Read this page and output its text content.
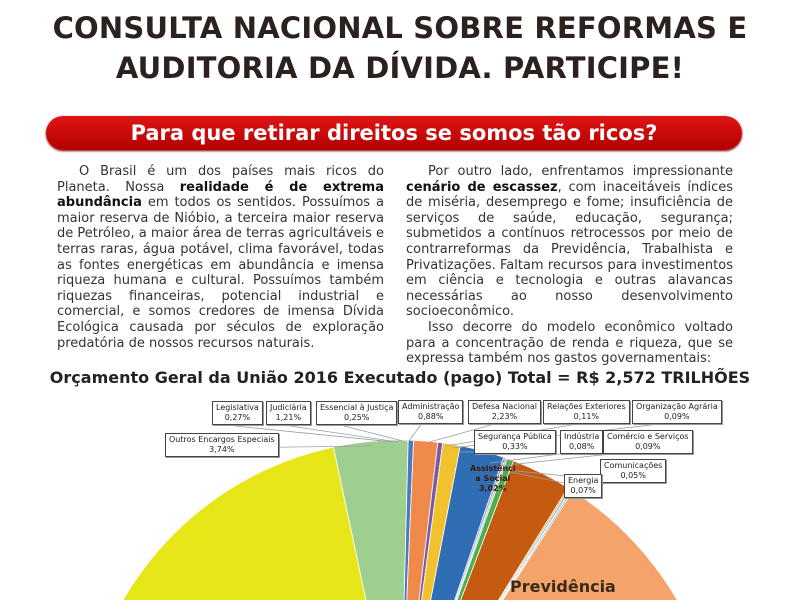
CONSULTA NACIONAL SOBRE REFORMAS E
AUDITORIA DA DÍVIDA. PARTICIPE!
Para que retirar direitos se somos tão ricos?

O Brasil é um dos países mais ricos do Planeta. Nossa realidade é de extrema abundância em todos os sentidos. Possuímos a maior reserva de Nióbio, a terceira maior reserva de Petróleo, a maior área de terras agricultáveis e terras raras, água potável, clima favorável, todas as fontes energéticas em abundância e imensa riqueza humana e cultural. Possuímos também riquezas financeiras, potencial industrial e comercial, e somos credores de imensa Dívida Ecológica causada por séculos de exploração predatória de nossos recursos naturais.

Por outro lado, enfrentamos impressionante cenário de escassez, com inaceitáveis índices de miséria, desemprego e fome; insuficiência de serviços de saúde, educação, segurança; submetidos a contínuos retrocessos por meio de contrarreformas da Previdência, Trabalhista e Privatizações. Faltam recursos para investimentos em ciência e tecnologia e outras alavancas necessárias ao nosso desenvolvimento socioeconômico.

Isso decorre do modelo econômico voltado para a concentração de renda e riqueza, que se expressa também nos gastos governamentais:

Orçamento Geral da União 2016 Executado (pago) Total = R$ 2,572 TRILHÕES
Legislativa
0,27%
Judiciária
1,21%
Essencial à Justiça
0,25%
Administração
0,88%
Defesa Nacional
2,23%
Relações Exteriores
0,11%
Organização Agrária
0,09%
Outros Encargos Especiais
3,74%
Segurança Pública
0,33%
Indústria
0,08%
Comércio e Serviços
0,09%
Comunicações
0,05%
Energia
0,07%
Assistênci
a Social
3,02%
Previdência
